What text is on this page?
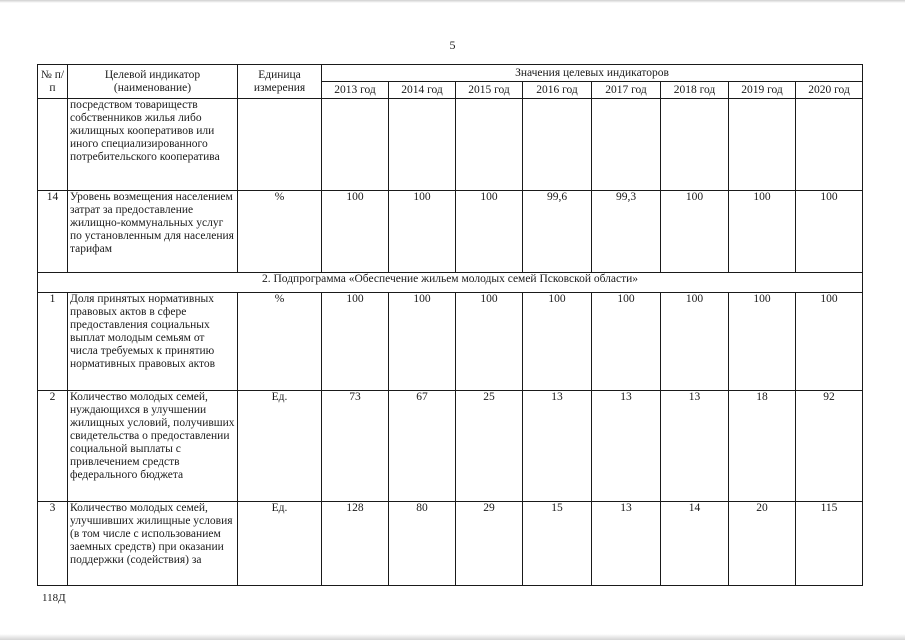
5
№ п/п	Целевой индикатор (наименование)	Единица измерения	Значения целевых индикаторов							
			2013 год	2014 год	2015 год	2016 год	2017 год	2018 год	2019 год	2020 год
	посредством товариществ собственников жилья либо жилищных кооперативов или иного специализированного потребительского кооператива									
14	Уровень возмещения населением затрат за предоставление жилищно-коммунальных услуг по установленным для населения тарифам	%	100	100	100	99,6	99,3	100	100	100
2. Подпрограмма «Обеспечение жильем молодых семей Псковской области»										
1	Доля принятых нормативных правовых актов в сфере предоставления социальных выплат молодым семьям от числа требуемых к принятию нормативных правовых актов	%	100	100	100	100	100	100	100	100
2	Количество молодых семей, нуждающихся в улучшении жилищных условий, получивших свидетельства о предоставлении социальной выплаты с привлечением средств федерального бюджета	Ед.	73	67	25	13	13	13	18	92
3	Количество молодых семей, улучшивших жилищные условия (в том числе с использованием заемных средств) при оказании поддержки (содействия) за	Ед.	128	80	29	15	13	14	20	115
118Д
